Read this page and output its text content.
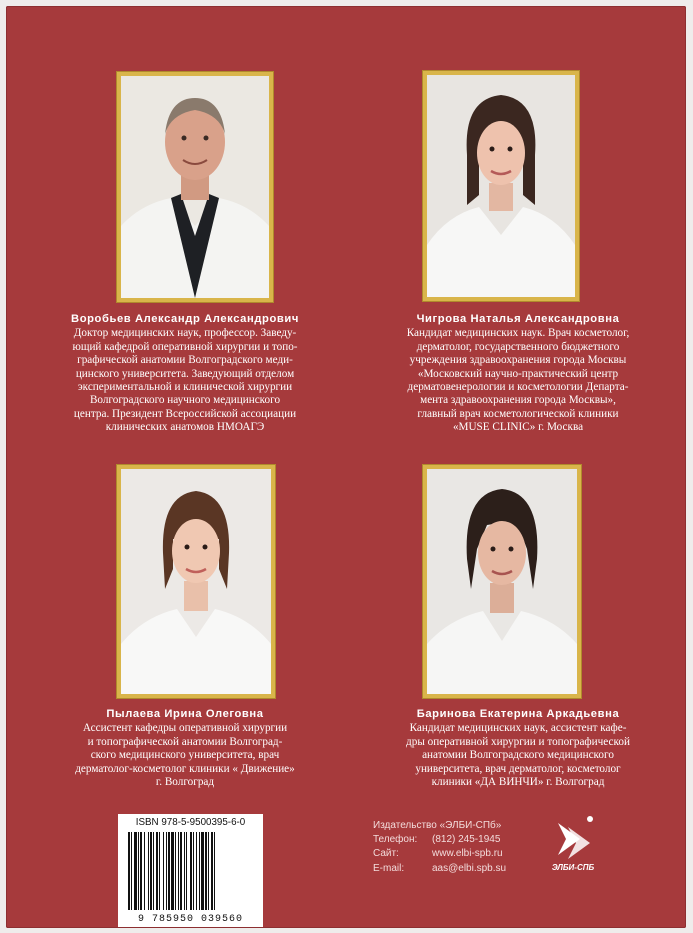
Воробьев Александр Александрович
Доктор медицинских наук, профессор. Заведу-
ющий кафедрой оперативной хирургии и топо-
графической анатомии Волгоградского меди-
цинского университета. Заведующий отделом
экспериментальной и клинической хирургии
Волгоградского научного медицинского
центра. Президент Всероссийской ассоциации
клинических анатомов НМОАГЭ
Чигрова Наталья Александровна
Кандидат медицинских наук. Врач косметолог,
дерматолог, государственного бюджетного
учреждения здравоохранения города Москвы
«Московский научно-практический центр
дерматовенерологии и косметологии Департа-
мента здравоохранения города Москвы»,
главный врач косметологической клиники
«MUSE CLINIC» г. Москва
Пылаева Ирина Олеговна
Ассистент кафедры оперативной хирургии
и топографической анатомии Волгоград-
ского медицинского университета, врач
дерматолог-косметолог клиники « Движение»
г. Волгоград
Баринова Екатерина Аркадьевна
Кандидат медицинских наук, ассистент кафе-
дры оперативной хирургии и топографической
анатомии Волгоградского медицинского
университета, врач дерматолог, косметолог
клиники «ДА ВИНЧИ» г. Волгоград
ISBN 978-5-9500395-6-0
9 785950 039560
Издательство «ЭЛБИ-СПб»
Телефон:	(812) 245-1945
Сайт:	www.elbi-spb.ru
E-mail:	aas@elbi.spb.su	ЭЛБИ-СПБ
